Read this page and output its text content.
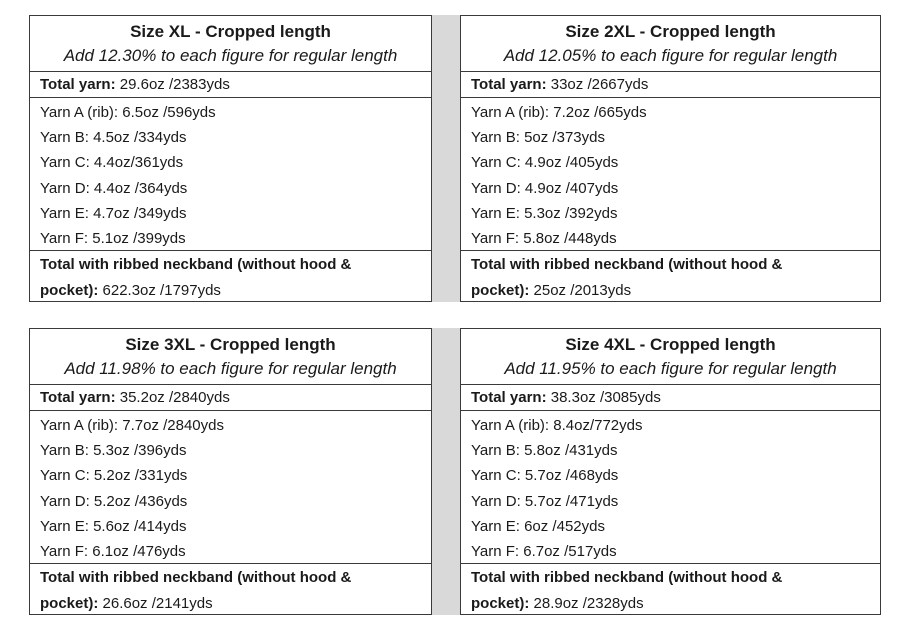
Size XL - Cropped length
Add 12.30% to each figure for regular length
Total yarn: 29.6oz /2383yds
Yarn A (rib): 6.5oz /596yds
Yarn B: 4.5oz /334yds
Yarn C: 4.4oz/361yds
Yarn D: 4.4oz /364yds
Yarn E: 4.7oz /349yds
Yarn F: 5.1oz /399yds
Total with ribbed neckband (without hood &
pocket): 622.3oz /1797yds
Size 2XL - Cropped length
Add 12.05% to each figure for regular length
Total yarn: 33oz /2667yds
Yarn A (rib): 7.2oz /665yds
Yarn B: 5oz /373yds
Yarn C: 4.9oz /405yds
Yarn D: 4.9oz /407yds
Yarn E: 5.3oz /392yds
Yarn F: 5.8oz /448yds
Total with ribbed neckband (without hood &
pocket): 25oz /2013yds
Size 3XL - Cropped length
Add 11.98% to each figure for regular length
Total yarn: 35.2oz /2840yds
Yarn A (rib): 7.7oz /2840yds
Yarn B: 5.3oz /396yds
Yarn C: 5.2oz /331yds
Yarn D: 5.2oz /436yds
Yarn E: 5.6oz /414yds
Yarn F: 6.1oz /476yds
Total with ribbed neckband (without hood &
pocket): 26.6oz /2141yds
Size 4XL - Cropped length
Add 11.95% to each figure for regular length
Total yarn: 38.3oz /3085yds
Yarn A (rib): 8.4oz/772yds
Yarn B: 5.8oz /431yds
Yarn C: 5.7oz /468yds
Yarn D: 5.7oz /471yds
Yarn E: 6oz /452yds
Yarn F: 6.7oz /517yds
Total with ribbed neckband (without hood &
pocket): 28.9oz /2328yds
